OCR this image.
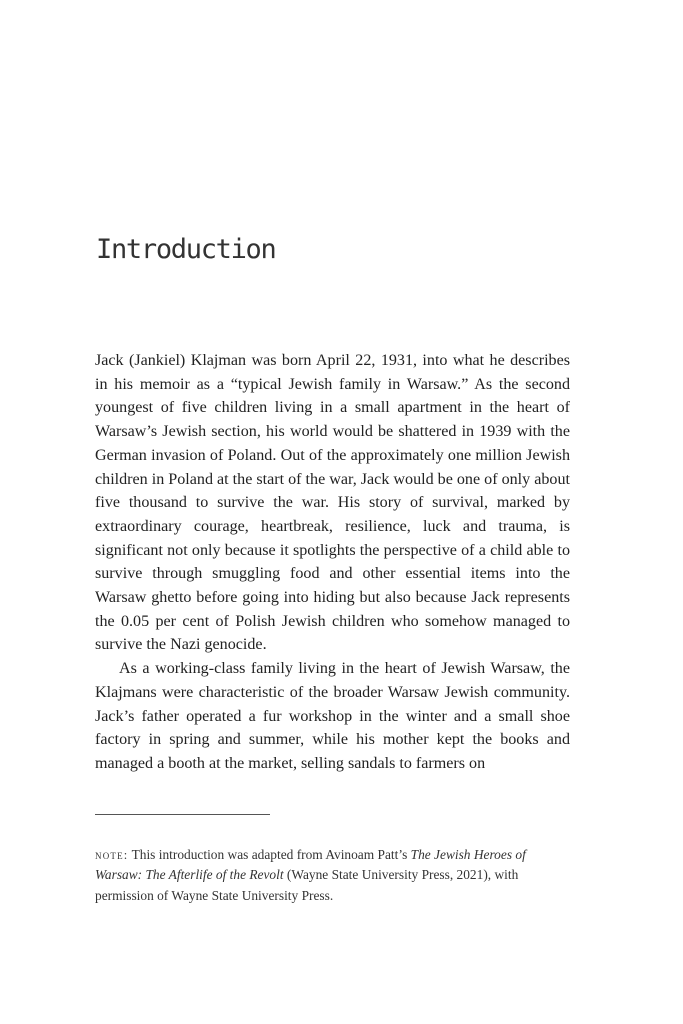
Introduction

Jack (Jankiel) Klajman was born April 22, 1931, into what he describes in his memoir as a “typical Jewish family in Warsaw.” As the second youngest of five children living in a small apartment in the heart of Warsaw’s Jewish section, his world would be shattered in 1939 with the German invasion of Poland. Out of the approximately one million Jewish children in Poland at the start of the war, Jack would be one of only about five thousand to survive the war. His story of survival, marked by extraordinary courage, heartbreak, resilience, luck and trauma, is significant not only because it spotlights the perspective of a child able to survive through smuggling food and other essential items into the Warsaw ghetto before going into hiding but also because Jack represents the 0.05 per cent of Polish Jewish children who somehow managed to survive the Nazi genocide.

As a working-class family living in the heart of Jewish Warsaw, the Klajmans were characteristic of the broader Warsaw Jewish community. Jack’s father operated a fur workshop in the winter and a small shoe factory in spring and summer, while his mother kept the books and managed a booth at the market, selling sandals to farmers on

note: This introduction was adapted from Avinoam Patt’s The Jewish Heroes of Warsaw: The Afterlife of the Revolt (Wayne State University Press, 2021), with permission of Wayne State University Press.
